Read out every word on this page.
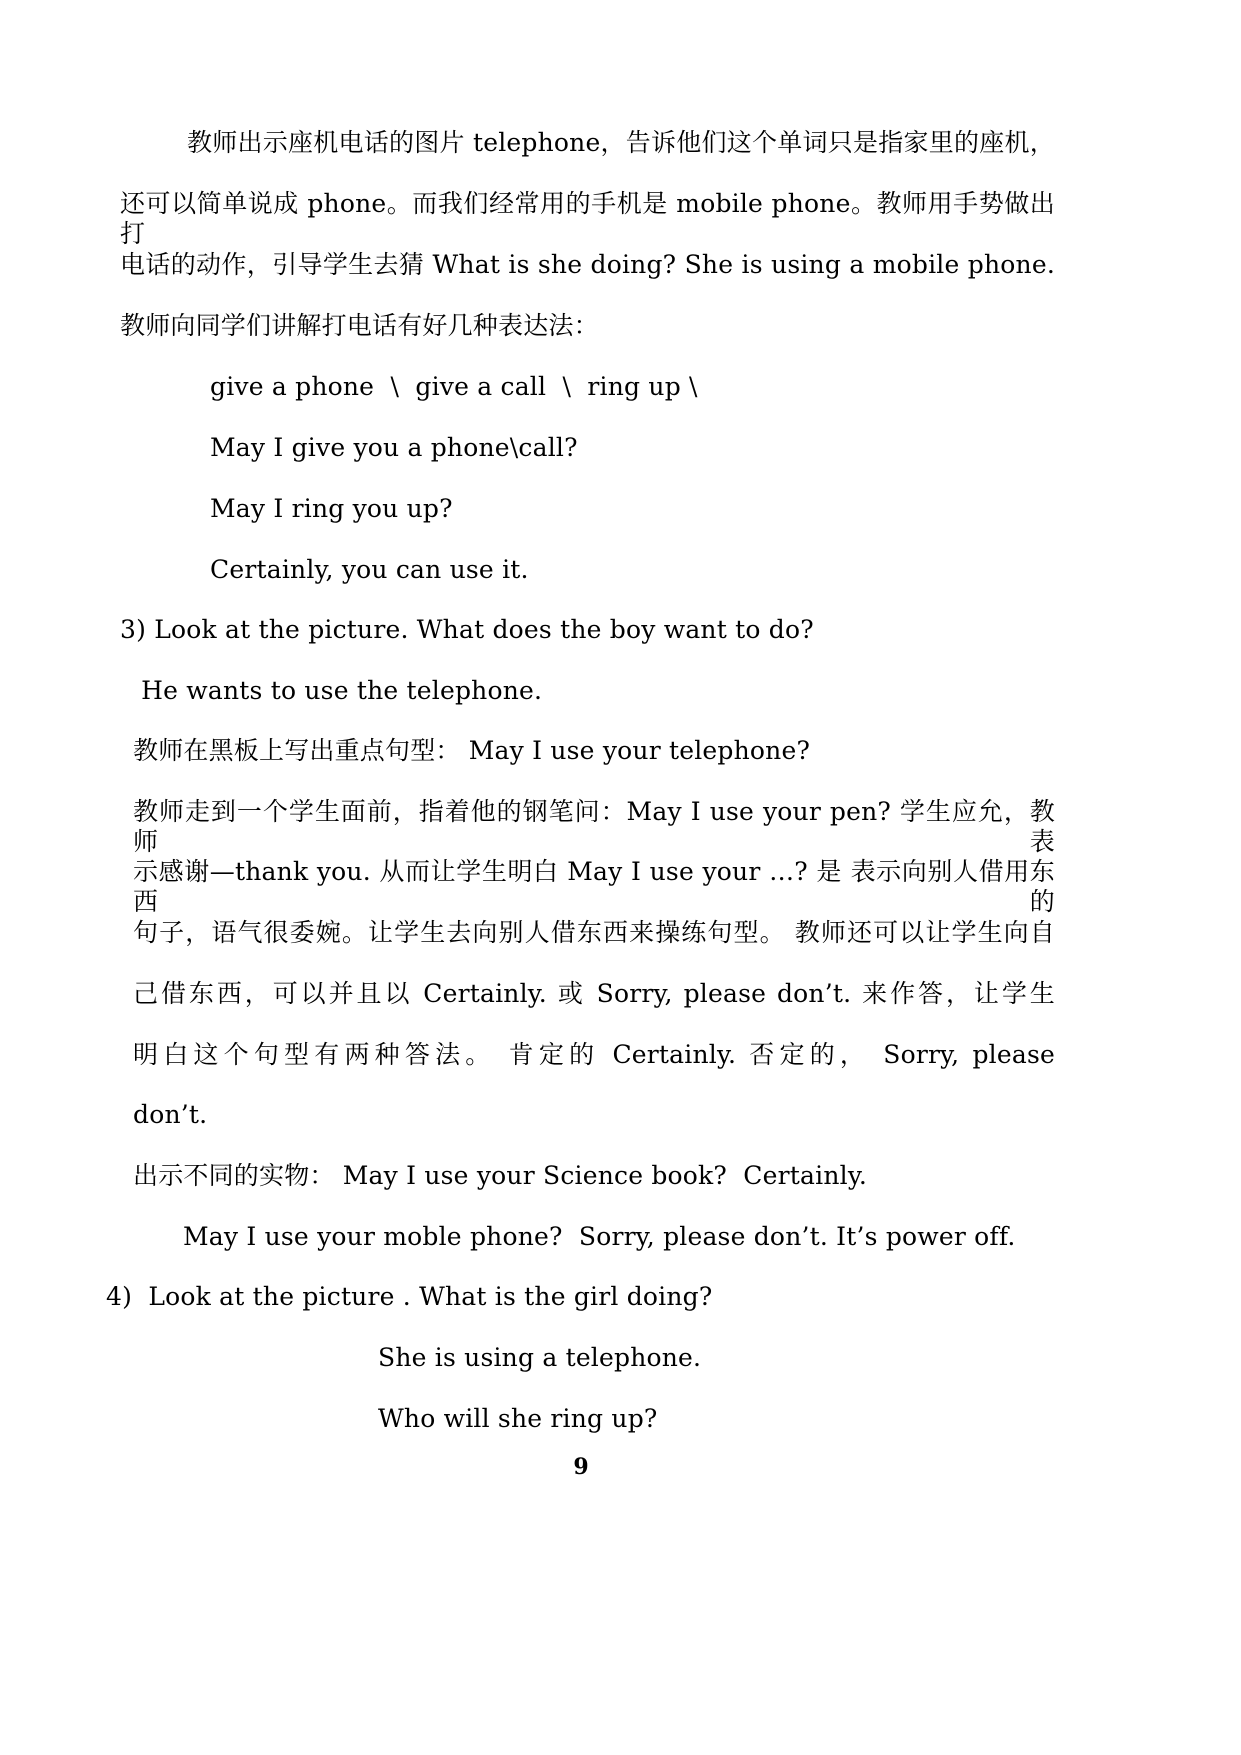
教师出示座机电话的图片 telephone，告诉他们这个单词只是指家里的座机，
还可以简单说成 phone。而我们经常用的手机是 mobile phone。教师用手势做出打
电话的动作，引导学生去猜 What is she doing? She is using a mobile phone.
教师向同学们讲解打电话有好几种表达法：
give a phone  \  give a call  \  ring up \
May I give you a phone\call?
May I ring you up?
Certainly, you can use it.
3) Look at the picture. What does the boy want to do?
He wants to use the telephone.
教师在黑板上写出重点句型： May I use your telephone?
教师走到一个学生面前，指着他的钢笔问：May I use your pen? 学生应允，教师表
示感谢—thank you. 从而让学生明白 May I use your …? 是 表示向别人借用东西的
句子，语气很委婉。让学生去向别人借东西来操练句型。 教师还可以让学生向自
己借东西，可以并且以 Certainly. 或 Sorry, please don’t. 来作答，让学生
明白这个句型有两种答法。 肯定的 Certainly. 否定的， Sorry, please
don’t.
出示不同的实物： May I use your Science book?  Certainly.
May I use your moble phone?  Sorry, please don’t. It’s power off.
4)  Look at the picture . What is the girl doing?
She is using a telephone.
Who will she ring up?
9
